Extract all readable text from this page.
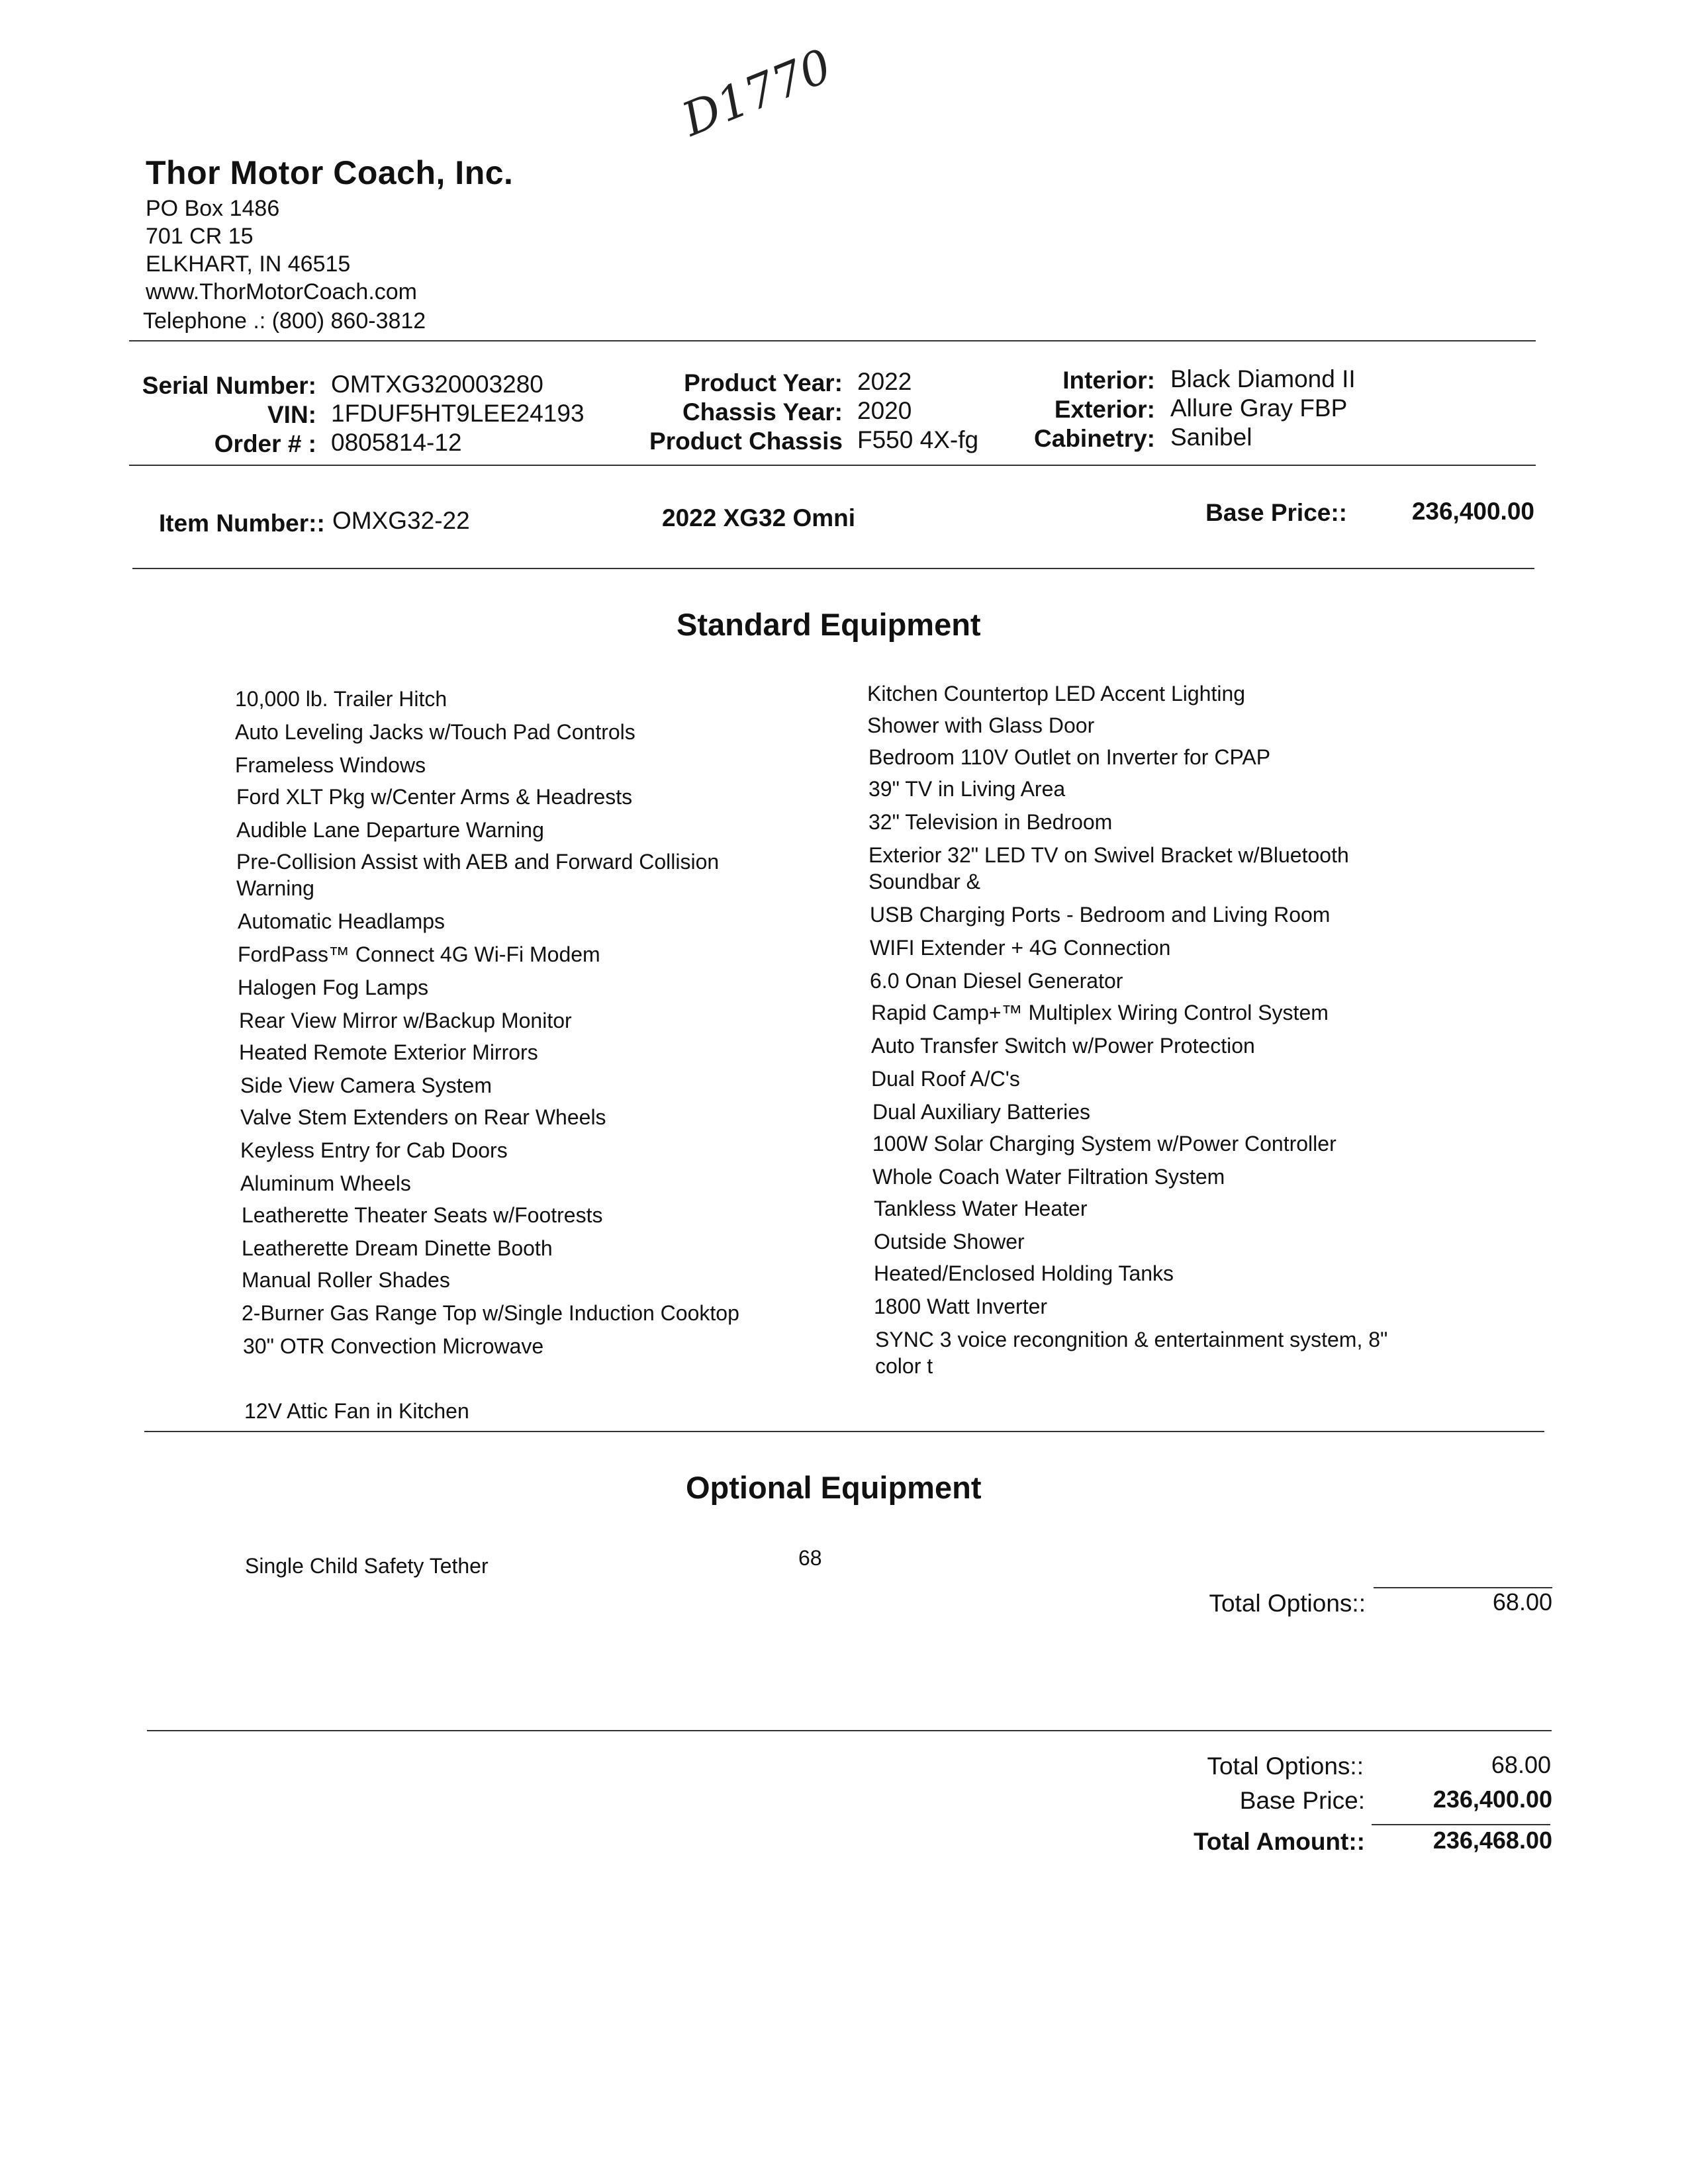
D1770
Thor Motor Coach, Inc.
PO Box 1486
701 CR 15
ELKHART, IN 46515
www.ThorMotorCoach.com
Telephone .: (800) 860-3812
Serial Number: OMTXG320003280
VIN: 1FDUF5HT9LEE24193
Order # : 0805814-12
Product Year: 2022
Chassis Year: 2020
Product Chassis F550 4X-fg
Interior: Black Diamond II
Exterior: Allure Gray FBP
Cabinetry: Sanibel
Item Number:: OMXG32-22	2022 XG32 Omni	Base Price::	236,400.00
Standard Equipment
10,000 lb. Trailer Hitch
Auto Leveling Jacks w/Touch Pad Controls
Frameless Windows
Ford XLT Pkg w/Center Arms & Headrests
Audible Lane Departure Warning
Pre-Collision Assist with AEB and Forward Collision Warning
Automatic Headlamps
FordPass™ Connect 4G Wi-Fi Modem
Halogen Fog Lamps
Rear View Mirror w/Backup Monitor
Heated Remote Exterior Mirrors
Side View Camera System
Valve Stem Extenders on Rear Wheels
Keyless Entry for Cab Doors
Aluminum Wheels
Leatherette Theater Seats w/Footrests
Leatherette Dream Dinette Booth
Manual Roller Shades
2-Burner Gas Range Top w/Single Induction Cooktop
30" OTR Convection Microwave
12V Attic Fan in Kitchen
Kitchen Countertop LED Accent Lighting
Shower with Glass Door
Bedroom 110V Outlet on Inverter for CPAP
39" TV in Living Area
32" Television in Bedroom
Exterior 32" LED TV on Swivel Bracket w/Bluetooth Soundbar &
USB Charging Ports - Bedroom and Living Room
WIFI Extender + 4G Connection
6.0 Onan Diesel Generator
Rapid Camp+™ Multiplex Wiring Control System
Auto Transfer Switch w/Power Protection
Dual Roof A/C's
Dual Auxiliary Batteries
100W Solar Charging System w/Power Controller
Whole Coach Water Filtration System
Tankless Water Heater
Outside Shower
Heated/Enclosed Holding Tanks
1800 Watt Inverter
SYNC 3 voice recongnition & entertainment system, 8" color t
Optional Equipment
Single Child Safety Tether	68
Total Options::	68.00
Total Options::	68.00
Base Price:	236,400.00
Total Amount::	236,468.00
